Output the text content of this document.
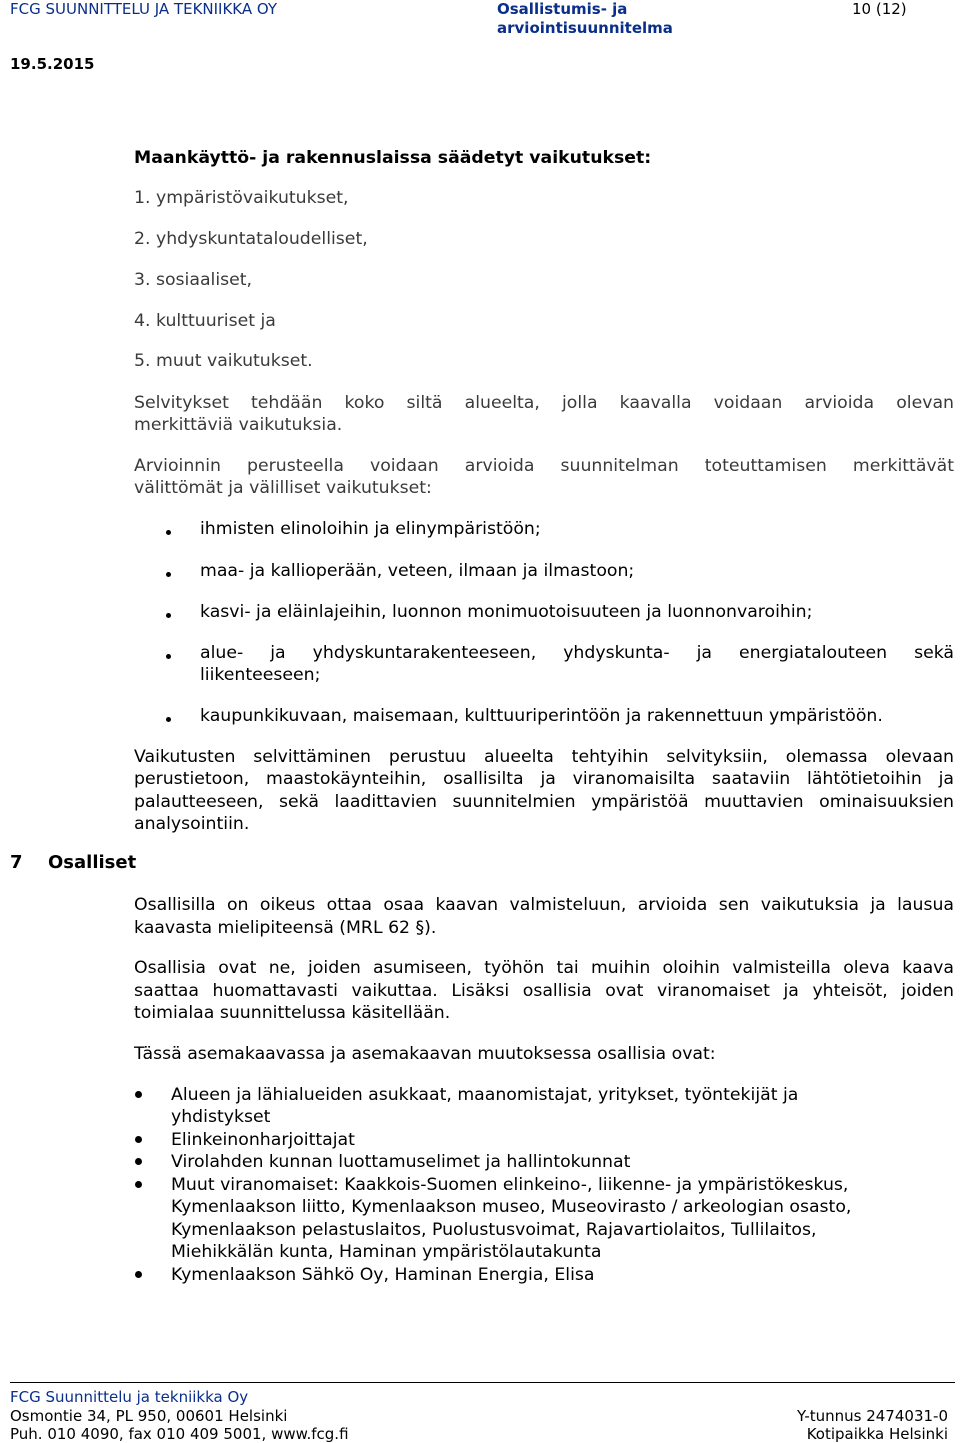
FCG SUUNNITTELU JA TEKNIIKKA OY	Osallistumis- ja
arviointisuunnitelma
10 (12)
19.5.2015
Maankäyttö- ja rakennuslaissa säädetyt vaikutukset:
1. ympäristövaikutukset,
2. yhdyskuntataloudelliset,
3. sosiaaliset,
4. kulttuuriset ja
5. muut vaikutukset.
Selvitykset tehdään koko siltä alueelta, jolla kaavalla voidaan arvioida olevan
merkittäviä vaikutuksia.
Arvioinnin perusteella voidaan arvioida suunnitelman toteuttamisen merkittävät
välittömät ja välilliset vaikutukset:
ihmisten elinoloihin ja elinympäristöön;
maa- ja kallioperään, veteen, ilmaan ja ilmastoon;
kasvi- ja eläinlajeihin, luonnon monimuotoisuuteen ja luonnonvaroihin;
alue- ja yhdyskuntarakenteeseen, yhdyskunta- ja energiatalouteen sekä
liikenteeseen;
kaupunkikuvaan, maisemaan, kulttuuriperintöön ja rakennettuun ympäristöön.
Vaikutusten selvittäminen perustuu alueelta tehtyihin selvityksiin, olemassa olevaan
perustietoon, maastokäynteihin, osallisilta ja viranomaisilta saataviin lähtötietoihin ja
palautteeseen, sekä laadittavien suunnitelmien ympäristöä muuttavien ominaisuuksien
analysointiin.
7 Osalliset
Osallisilla on oikeus ottaa osaa kaavan valmisteluun, arvioida sen vaikutuksia ja lausua
kaavasta mielipiteensä (MRL 62 §).
Osallisia ovat ne, joiden asumiseen, työhön tai muihin oloihin valmisteilla oleva kaava
saattaa huomattavasti vaikuttaa. Lisäksi osallisia ovat viranomaiset ja yhteisöt, joiden
toimialaa suunnittelussa käsitellään.
Tässä asemakaavassa ja asemakaavan muutoksessa osallisia ovat:
Alueen ja lähialueiden asukkaat, maanomistajat, yritykset, työntekijät ja
yhdistykset
Elinkeinonharjoittajat
Virolahden kunnan luottamuselimet ja hallintokunnat
Muut viranomaiset: Kaakkois-Suomen elinkeino-, liikenne- ja ympäristökeskus,
Kymenlaakson liitto, Kymenlaakson museo, Museovirasto / arkeologian osasto,
Kymenlaakson pelastuslaitos, Puolustusvoimat, Rajavartiolaitos, Tullilaitos,
Miehikkälän kunta, Haminan ympäristölautakunta
Kymenlaakson Sähkö Oy, Haminan Energia, Elisa
FCG Suunnittelu ja tekniikka Oy
Osmontie 34, PL 950, 00601 Helsinki
Puh. 010 4090, fax 010 409 5001, www.fcg.fi
Y-tunnus 2474031-0
Kotipaikka Helsinki
